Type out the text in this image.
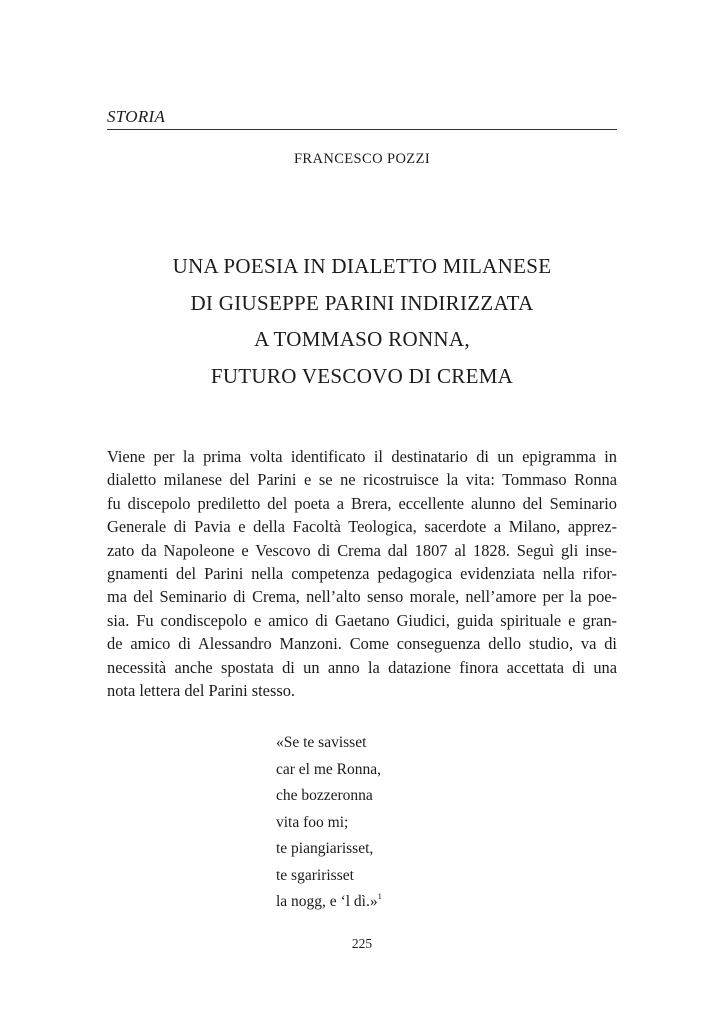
STORIA
FRANCESCO POZZI
UNA POESIA IN DIALETTO MILANESE
DI GIUSEPPE PARINI INDIRIZZATA
A TOMMASO RONNA,
FUTURO VESCOVO DI CREMA
Viene per la prima volta identificato il destinatario di un epigramma in
dialetto milanese del Parini e se ne ricostruisce la vita: Tommaso Ronna
fu discepolo prediletto del poeta a Brera, eccellente alunno del Seminario
Generale di Pavia e della Facoltà Teologica, sacerdote a Milano, apprez-
zato da Napoleone e Vescovo di Crema dal 1807 al 1828. Seguì gli inse-
gnamenti del Parini nella competenza pedagogica evidenziata nella rifor-
ma del Seminario di Crema, nell’alto senso morale, nell’amore per la poe-
sia. Fu condiscepolo e amico di Gaetano Giudici, guida spirituale e gran-
de amico di Alessandro Manzoni. Come conseguenza dello studio, va di
necessità anche spostata di un anno la datazione finora accettata di una
nota lettera del Parini stesso.
«Se te savisset
car el me Ronna,
che bozzeronna
vita foo mi;
te piangiarisset,
te sgaririsset
la nogg, e ‘l dì.»$^1$
225
